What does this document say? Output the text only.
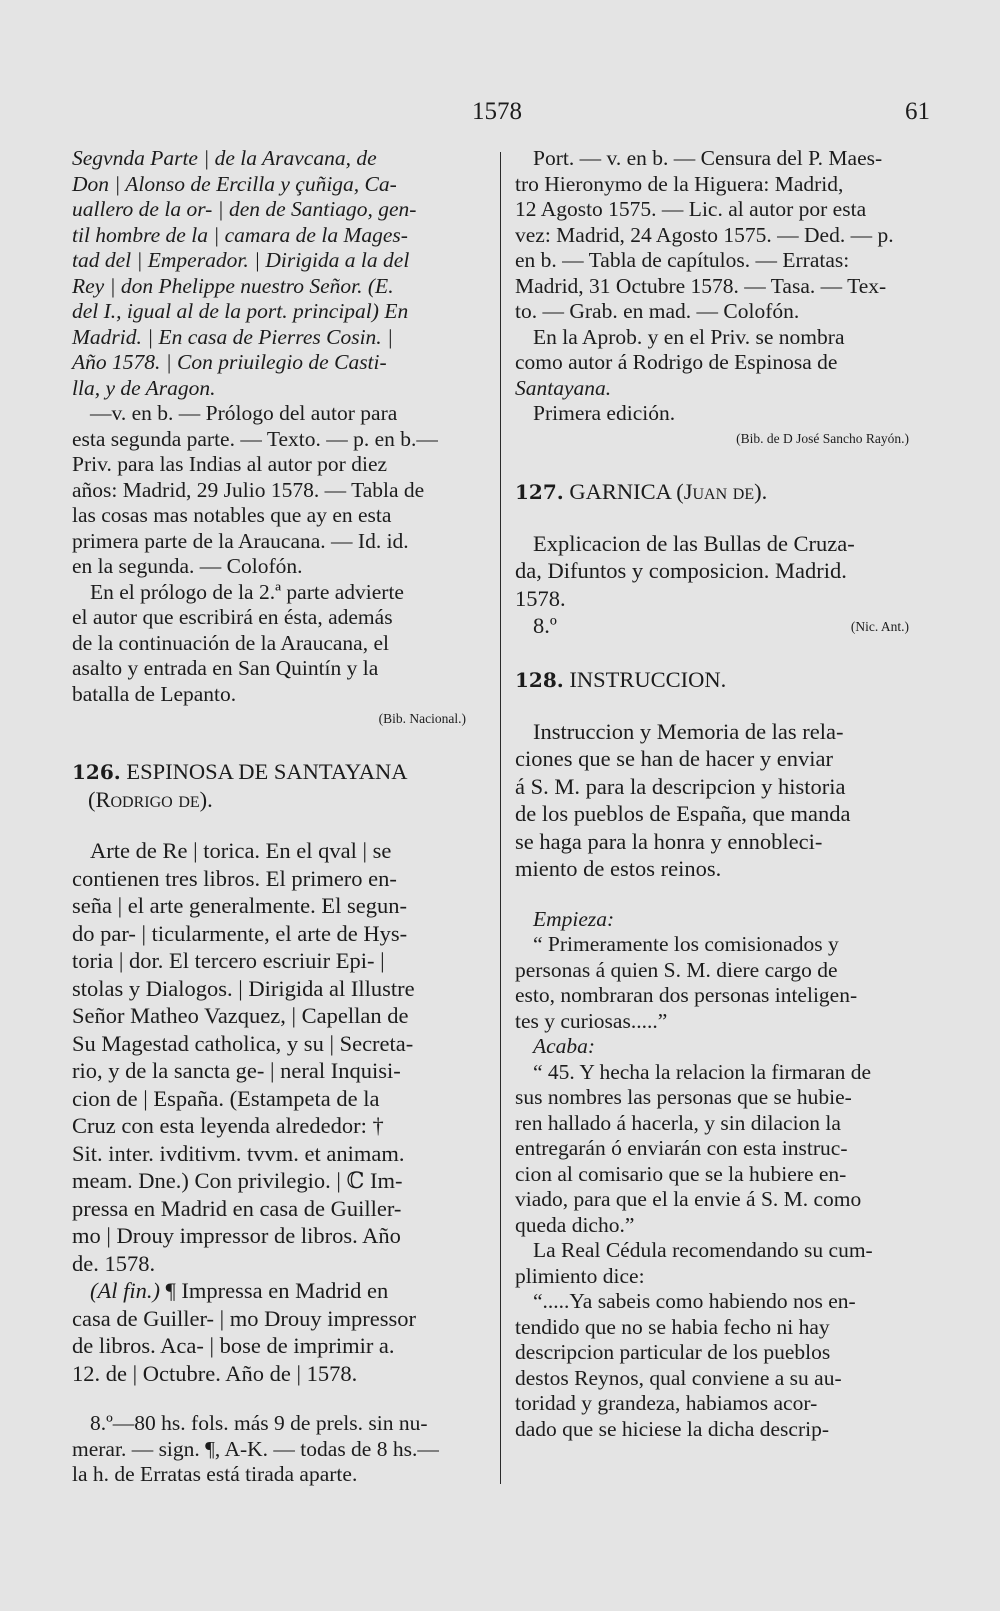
1578	61
Segvnda Parte | de la Aravcana, de
Don | Alonso de Ercilla y çuñiga, Ca-
uallero de la or- | den de Santiago, gen-
til hombre de la | camara de la Mages-
tad del | Emperador. | Dirigida a la del
Rey | don Phelippe nuestro Señor. (E.
del I., igual al de la port. principal) En
Madrid. | En casa de Pierres Cosin. |
Año 1578. | Con priuilegio de Casti-
lla, y de Aragon.
—v. en b. — Prólogo del autor para
esta segunda parte. — Texto. — p. en b.—
Priv. para las Indias al autor por diez
años: Madrid, 29 Julio 1578. — Tabla de
las cosas mas notables que ay en esta
primera parte de la Araucana. — Id. id.
en la segunda. — Colofón.
En el prólogo de la 2.ª parte advierte
el autor que escribirá en ésta, además
de la continuación de la Araucana, el
asalto y entrada en San Quintín y la
batalla de Lepanto.
(Bib. Nacional.)
126. ESPINOSA DE SANTAYANA
(Rodrigo de).
Arte de Re | torica. En el qval | se
contienen tres libros. El primero en-
seña | el arte generalmente. El segun-
do par- | ticularmente, el arte de Hys-
toria | dor. El tercero escriuir Epi- |
stolas y Dialogos. | Dirigida al Illustre
Señor Matheo Vazquez, | Capellan de
Su Magestad catholica, y su | Secreta-
rio, y de la sancta ge- | neral Inquisi-
cion de | España. (Estampeta de la
Cruz con esta leyenda alrededor: †
Sit. inter. ivditivm. tvvm. et animam.
meam. Dne.) Con privilegio. | ℂ Im-
pressa en Madrid en casa de Guiller-
mo | Drouy impressor de libros. Año
de. 1578.
(Al fin.) ¶ Impressa en Madrid en
casa de Guiller- | mo Drouy impressor
de libros. Aca- | bose de imprimir a.
12. de | Octubre. Año de | 1578.
8.º—80 hs. fols. más 9 de prels. sin nu-
merar. — sign. ¶, A-K. — todas de 8 hs.—
la h. de Erratas está tirada aparte.
Port. — v. en b. — Censura del P. Maes-
tro Hieronymo de la Higuera: Madrid,
12 Agosto 1575. — Lic. al autor por esta
vez: Madrid, 24 Agosto 1575. — Ded. — p.
en b. — Tabla de capítulos. — Erratas:
Madrid, 31 Octubre 1578. — Tasa. — Tex-
to. — Grab. en mad. — Colofón.
En la Aprob. y en el Priv. se nombra
como autor á Rodrigo de Espinosa de
Santayana.
Primera edición.
(Bib. de D José Sancho Rayón.)
127. GARNICA (Juan de).
Explicacion de las Bullas de Cruza-
da, Difuntos y composicion. Madrid.
1578.
8.º	(Nic. Ant.)
128. INSTRUCCION.
Instruccion y Memoria de las rela-
ciones que se han de hacer y enviar
á S. M. para la descripcion y historia
de los pueblos de España, que manda
se haga para la honra y ennobleci-
miento de estos reinos.
Empieza:
“ Primeramente los comisionados y
personas á quien S. M. diere cargo de
esto, nombraran dos personas inteligen-
tes y curiosas.....”
Acaba:
“ 45. Y hecha la relacion la firmaran de
sus nombres las personas que se hubie-
ren hallado á hacerla, y sin dilacion la
entregarán ó enviarán con esta instruc-
cion al comisario que se la hubiere en-
viado, para que el la envie á S. M. como
queda dicho.”
La Real Cédula recomendando su cum-
plimiento dice:
“.....Ya sabeis como habiendo nos en-
tendido que no se habia fecho ni hay
descripcion particular de los pueblos
destos Reynos, qual conviene a su au-
toridad y grandeza, habiamos acor-
dado que se hiciese la dicha descrip-
